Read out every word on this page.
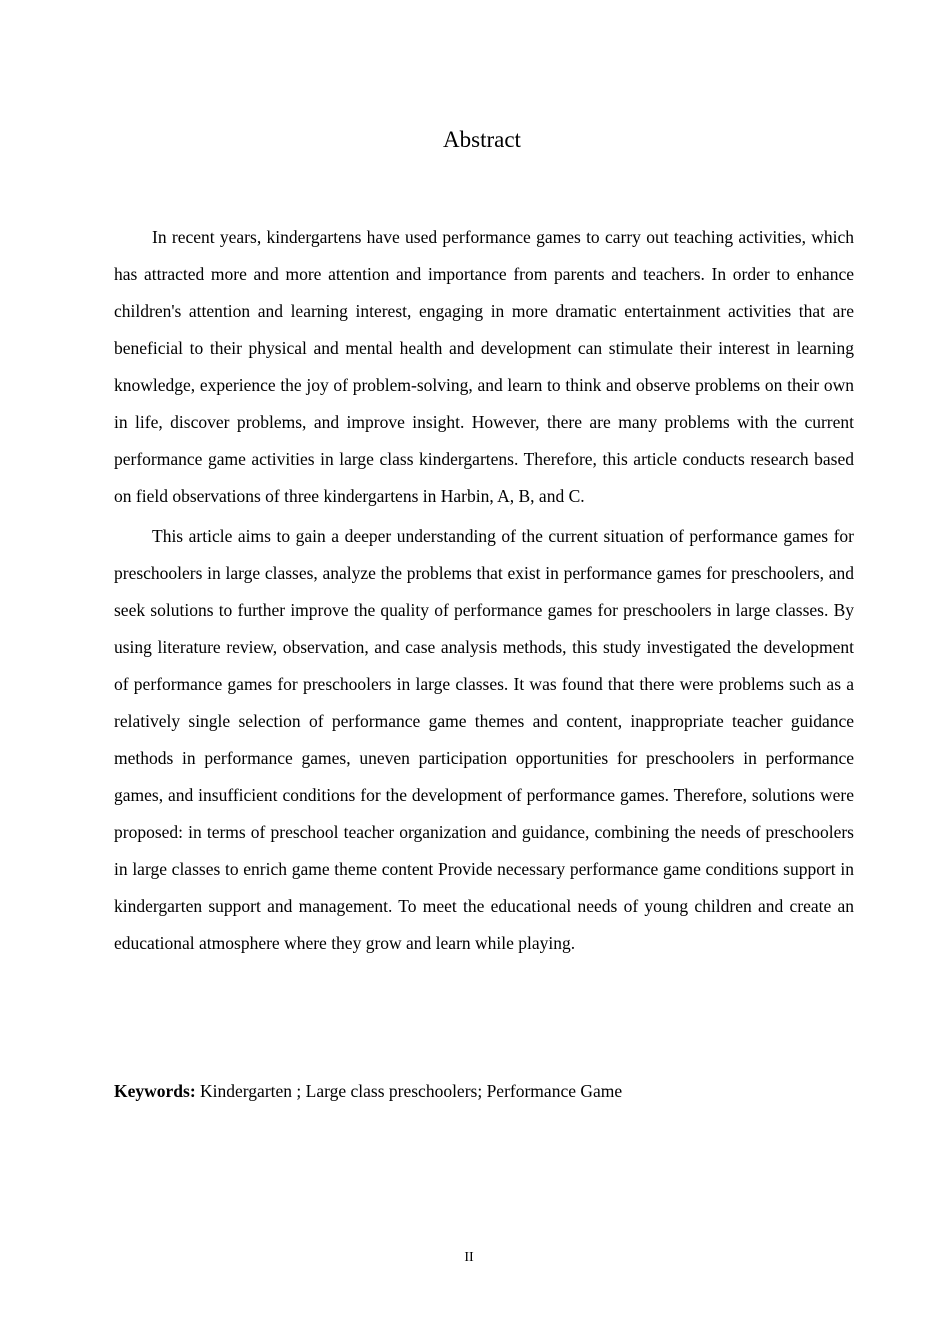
Abstract

In recent years, kindergartens have used performance games to carry out teaching activities, which has attracted more and more attention and importance from parents and teachers. In order to enhance children's attention and learning interest, engaging in more dramatic entertainment activities that are beneficial to their physical and mental health and development can stimulate their interest in learning knowledge, experience the joy of problem-solving, and learn to think and observe problems on their own in life, discover problems, and improve insight. However, there are many problems with the current performance game activities in large class kindergartens. Therefore, this article conducts research based on field observations of three kindergartens in Harbin, A, B, and C.

This article aims to gain a deeper understanding of the current situation of performance games for preschoolers in large classes, analyze the problems that exist in performance games for preschoolers, and seek solutions to further improve the quality of performance games for preschoolers in large classes. By using literature review, observation, and case analysis methods, this study investigated the development of performance games for preschoolers in large classes. It was found that there were problems such as a relatively single selection of performance game themes and content, inappropriate teacher guidance methods in performance games, uneven participation opportunities for preschoolers in performance games, and insufficient conditions for the development of performance games. Therefore, solutions were proposed: in terms of preschool teacher organization and guidance, combining the needs of preschoolers in large classes to enrich game theme content Provide necessary performance game conditions support in kindergarten support and management. To meet the educational needs of young children and create an educational atmosphere where they grow and learn while playing.

Keywords: Kindergarten ; Large class preschoolers; Performance Game

II
